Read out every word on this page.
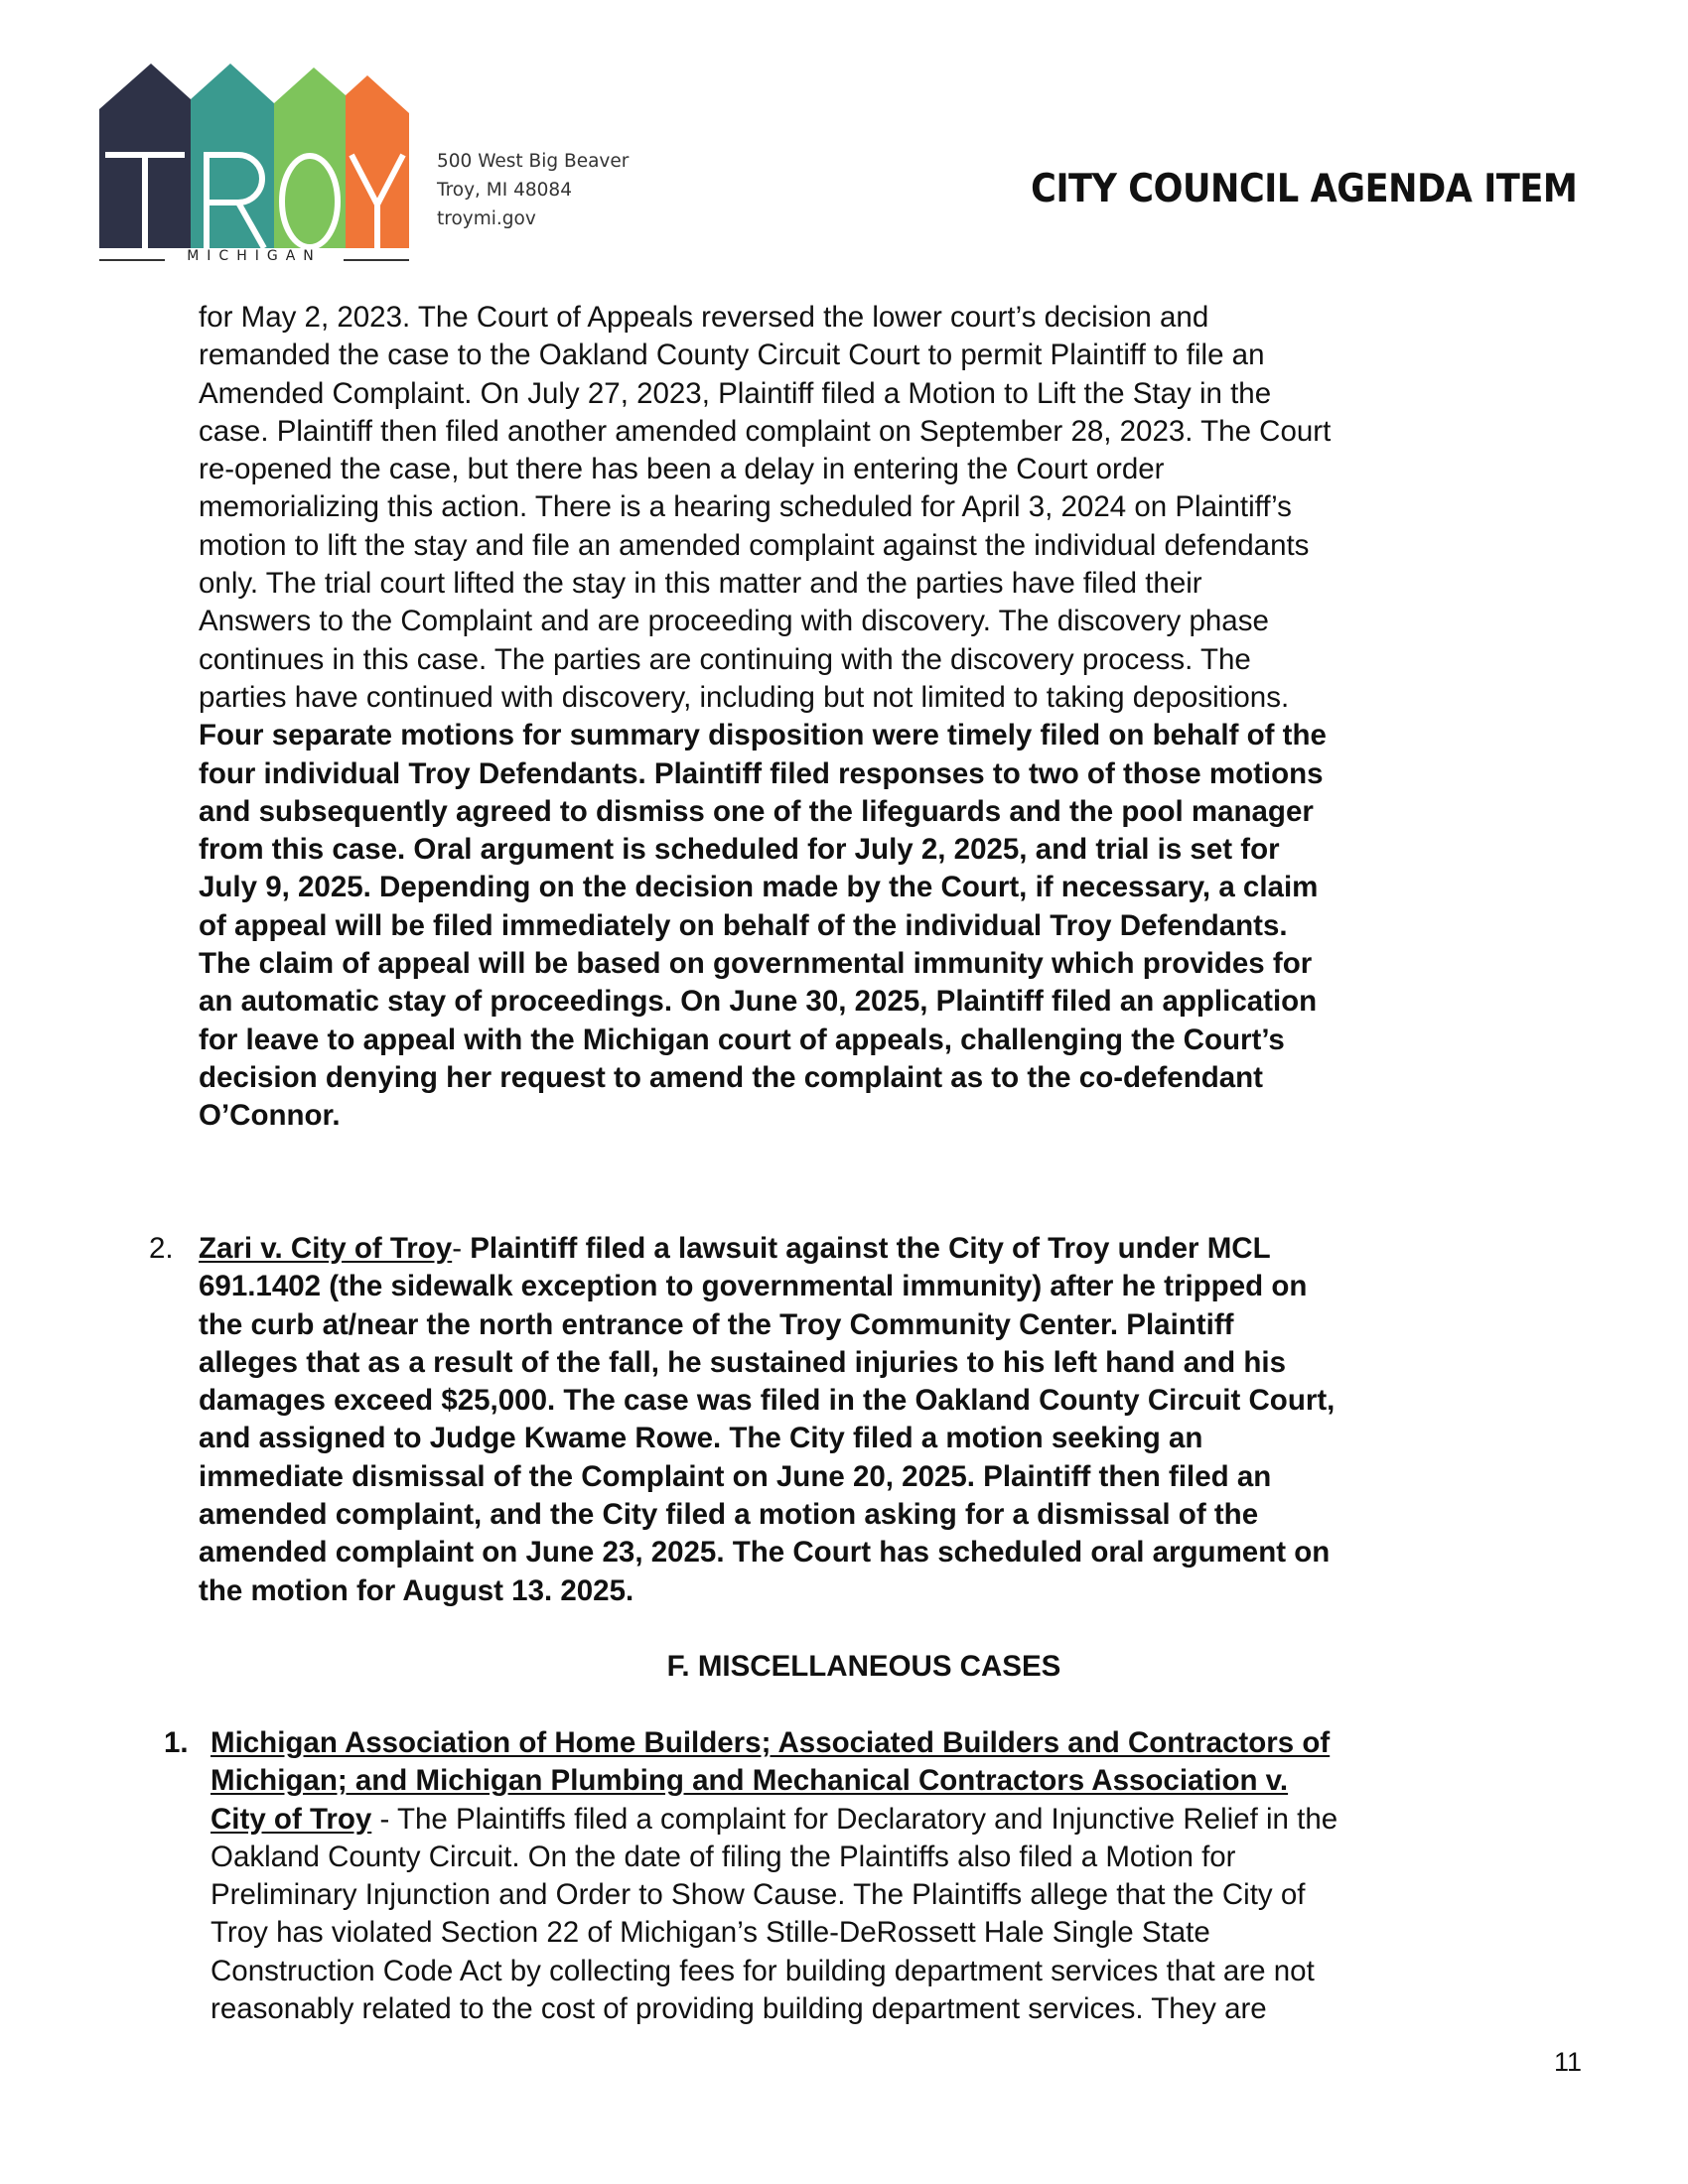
MICHIGAN
500 West Big Beaver
Troy, MI 48084
troymi.gov
CITY COUNCIL AGENDA ITEM

for May 2, 2023. The Court of Appeals reversed the lower court’s decision and

remanded the case to the Oakland County Circuit Court to permit Plaintiff to file an

Amended Complaint. On July 27, 2023, Plaintiff filed a Motion to Lift the Stay in the

case. Plaintiff then filed another amended complaint on September 28, 2023. The Court

re-opened the case, but there has been a delay in entering the Court order

memorializing this action. There is a hearing scheduled for April 3, 2024 on Plaintiff’s

motion to lift the stay and file an amended complaint against the individual defendants

only. The trial court lifted the stay in this matter and the parties have filed their

Answers to the Complaint and are proceeding with discovery. The discovery phase

continues in this case. The parties are continuing with the discovery process. The

parties have continued with discovery, including but not limited to taking depositions.

Four separate motions for summary disposition were timely filed on behalf of the

four individual Troy Defendants. Plaintiff filed responses to two of those motions

and subsequently agreed to dismiss one of the lifeguards and the pool manager

from this case. Oral argument is scheduled for July 2, 2025, and trial is set for

July 9, 2025. Depending on the decision made by the Court, if necessary, a claim

of appeal will be filed immediately on behalf of the individual Troy Defendants.

The claim of appeal will be based on governmental immunity which provides for

an automatic stay of proceedings. On June 30, 2025, Plaintiff filed an application

for leave to appeal with the Michigan court of appeals, challenging the Court’s

decision denying her request to amend the complaint as to the co-defendant

O’Connor.

2. Zari v. City of Troy- Plaintiff filed a lawsuit against the City of Troy under MCL

691.1402 (the sidewalk exception to governmental immunity) after he tripped on

the curb at/near the north entrance of the Troy Community Center. Plaintiff

alleges that as a result of the fall, he sustained injuries to his left hand and his

damages exceed $25,000. The case was filed in the Oakland County Circuit Court,

and assigned to Judge Kwame Rowe. The City filed a motion seeking an

immediate dismissal of the Complaint on June 20, 2025. Plaintiff then filed an

amended complaint, and the City filed a motion asking for a dismissal of the

amended complaint on June 23, 2025. The Court has scheduled oral argument on

the motion for August 13. 2025.

F. MISCELLANEOUS CASES
1. Michigan Association of Home Builders; Associated Builders and Contractors of

Michigan; and Michigan Plumbing and Mechanical Contractors Association v.

City of Troy - The Plaintiffs filed a complaint for Declaratory and Injunctive Relief in the

Oakland County Circuit. On the date of filing the Plaintiffs also filed a Motion for

Preliminary Injunction and Order to Show Cause. The Plaintiffs allege that the City of

Troy has violated Section 22 of Michigan’s Stille-DeRossett Hale Single State

Construction Code Act by collecting fees for building department services that are not

reasonably related to the cost of providing building department services. They are

11
